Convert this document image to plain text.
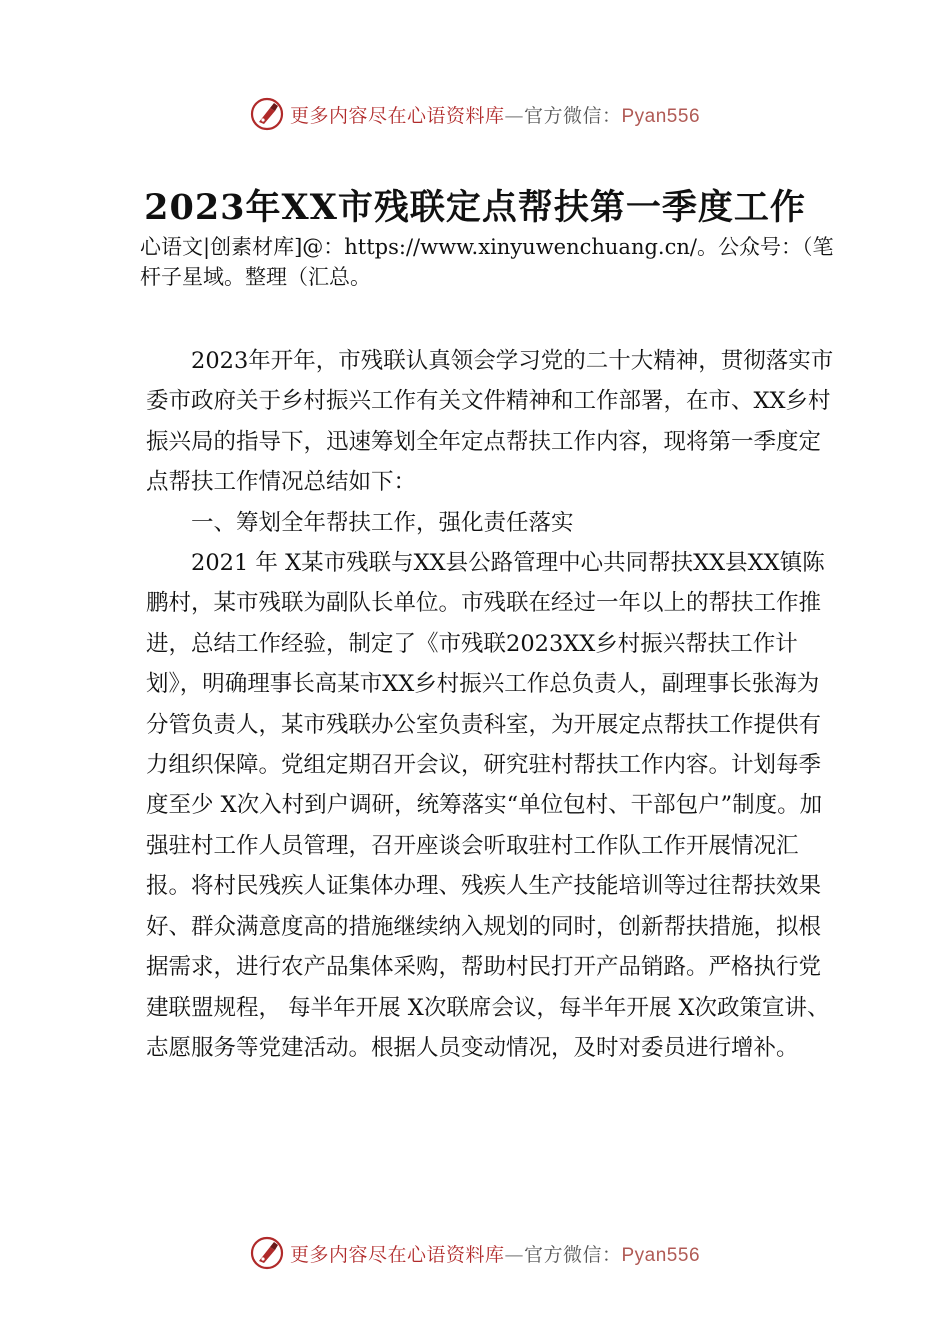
更多内容尽在心语资料库—官方微信：Pyan556
2023年XX市残联定点帮扶第一季度工作

心语文|创素材库]@：https://www.xinyuwenchuang.cn/。公众号：（笔杆子星域。整理（汇总。

2023年开年，市残联认真领会学习党的二十大精神，贯彻落实市委市政府关于乡村振兴工作有关文件精神和工作部署，在市、XX乡村振兴局的指导下，迅速筹划全年定点帮扶工作内容，现将第一季度定点帮扶工作情况总结如下：

一、筹划全年帮扶工作，强化责任落实

2021 年 X某市残联与XX县公路管理中心共同帮扶XX县XX镇陈鹏村，某市残联为副队长单位。市残联在经过一年以上的帮扶工作推进，总结工作经验，制定了《市残联2023XX乡村振兴帮扶工作计划》，明确理事长高某市XX乡村振兴工作总负责人，副理事长张海为分管负责人，某市残联办公室负责科室，为开展定点帮扶工作提供有力组织保障。党组定期召开会议，研究驻村帮扶工作内容。计划每季度至少 X次入村到户调研，统筹落实“单位包村、干部包户”制度。加强驻村工作人员管理，召开座谈会听取驻村工作队工作开展情况汇报。将村民残疾人证集体办理、残疾人生产技能培训等过往帮扶效果好、群众满意度高的措施继续纳入规划的同时，创新帮扶措施，拟根据需求，进行农产品集体采购，帮助村民打开产品销路。严格执行党建联盟规程， 每半年开展 X次联席会议，每半年开展 X次政策宣讲、志愿服务等党建活动。根据人员变动情况，及时对委员进行增补。

更多内容尽在心语资料库—官方微信：Pyan556
